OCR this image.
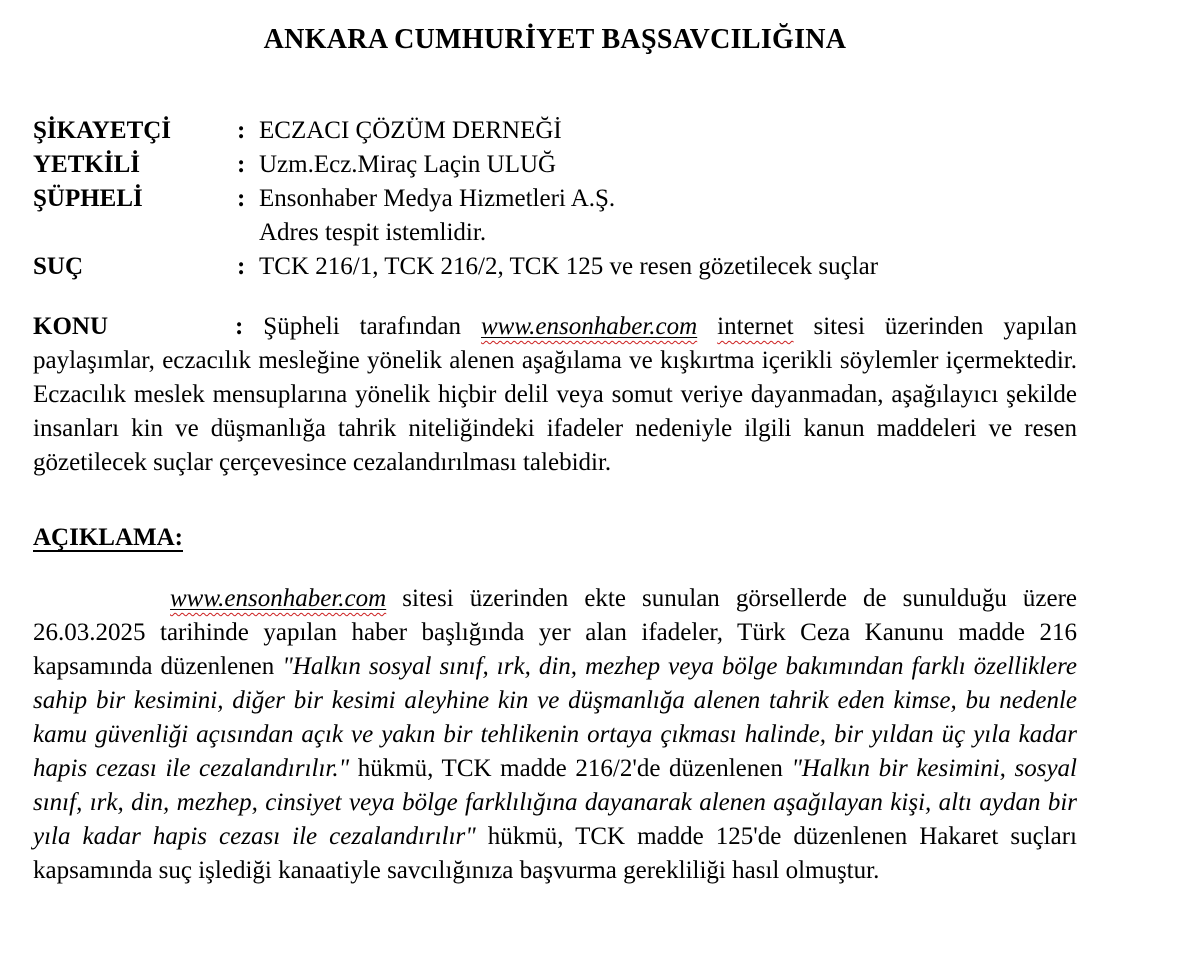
ANKARA CUMHURİYET BAŞSAVCILIĞINA
ŞİKAYETÇİ	: ECZACI ÇÖZÜM DERNEĞİ
YETKİLİ	: Uzm.Ecz.Miraç Laçin ULUĞ
ŞÜPHELİ	: Ensonhaber Medya Hizmetleri A.Ş.
Adres tespit istemlidir.
SUÇ	: TCK 216/1, TCK 216/2, TCK 125 ve resen gözetilecek suçlar

KONU	: Şüpheli tarafından www.ensonhaber.com internet sitesi üzerinden yapılan paylaşımlar, eczacılık mesleğine yönelik alenen aşağılama ve kışkırtma içerikli söylemler içermektedir. Eczacılık meslek mensuplarına yönelik hiçbir delil veya somut veriye dayanmadan, aşağılayıcı şekilde insanları kin ve düşmanlığa tahrik niteliğindeki ifadeler nedeniyle ilgili kanun maddeleri ve resen gözetilecek suçlar çerçevesince cezalandırılması talebidir.

AÇIKLAMA:

www.ensonhaber.com sitesi üzerinden ekte sunulan görsellerde de sunulduğu üzere 26.03.2025 tarihinde yapılan haber başlığında yer alan ifadeler, Türk Ceza Kanunu madde 216 kapsamında düzenlenen "Halkın sosyal sınıf, ırk, din, mezhep veya bölge bakımından farklı özelliklere sahip bir kesimini, diğer bir kesimi aleyhine kin ve düşmanlığa alenen tahrik eden kimse, bu nedenle kamu güvenliği açısından açık ve yakın bir tehlikenin ortaya çıkması halinde, bir yıldan üç yıla kadar hapis cezası ile cezalandırılır." hükmü, TCK madde 216/2'de düzenlenen "Halkın bir kesimini, sosyal sınıf, ırk, din, mezhep, cinsiyet veya bölge farklılığına dayanarak alenen aşağılayan kişi, altı aydan bir yıla kadar hapis cezası ile cezalandırılır" hükmü, TCK madde 125'de düzenlenen Hakaret suçları kapsamında suç işlediği kanaatiyle savcılığınıza başvurma gerekliliği hasıl olmuştur.
